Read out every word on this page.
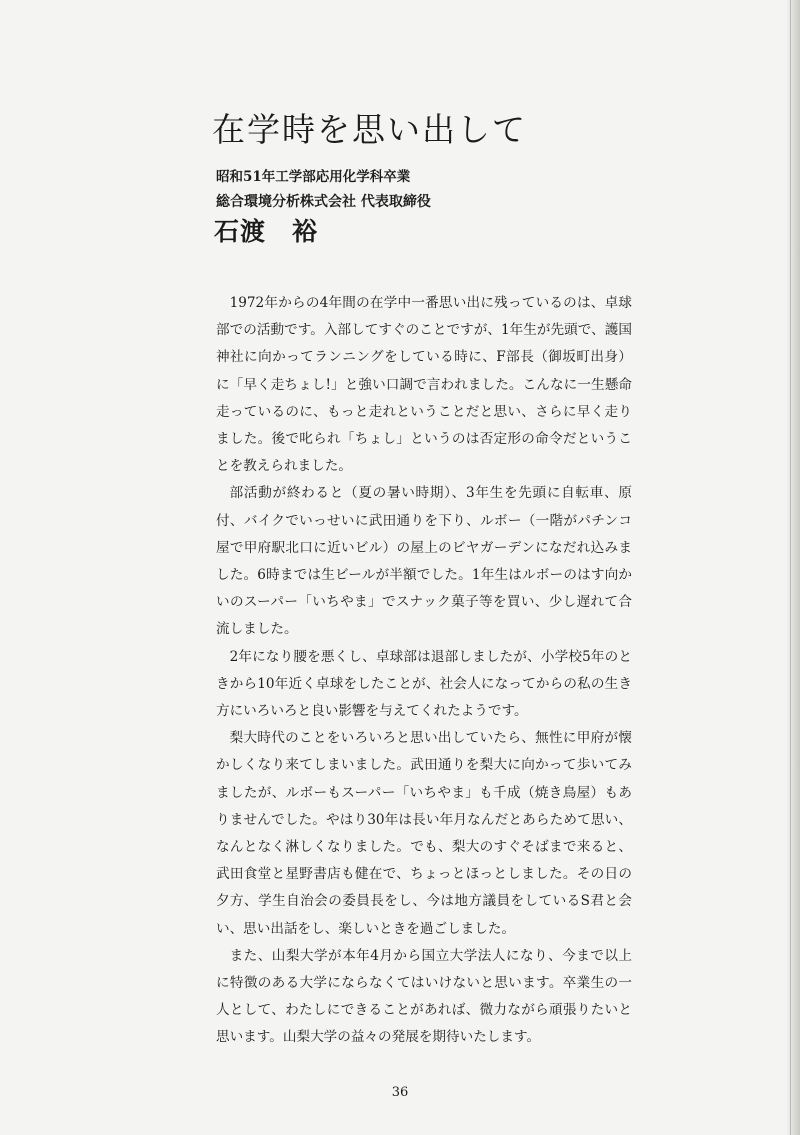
在学時を思い出して
昭和51年工学部応用化学科卒業
総合環境分析株式会社 代表取締役
石渡 裕

1972年からの4年間の在学中一番思い出に残っているのは、卓球部での活動です。入部してすぐのことですが、1年生が先頭で、護国神社に向かってランニングをしている時に、F部長（御坂町出身）に「早く走ちょし!」と強い口調で言われました。こんなに一生懸命走っているのに、もっと走れということだと思い、さらに早く走りました。後で叱られ「ちょし」というのは否定形の命令だということを教えられました。

部活動が終わると（夏の暑い時期）、3年生を先頭に自転車、原付、バイクでいっせいに武田通りを下り、ルボー（一階がパチンコ屋で甲府駅北口に近いビル）の屋上のビヤガーデンになだれ込みました。6時までは生ビールが半額でした。1年生はルボーのはす向かいのスーパー「いちやま」でスナック菓子等を買い、少し遅れて合流しました。

2年になり腰を悪くし、卓球部は退部しましたが、小学校5年のときから10年近く卓球をしたことが、社会人になってからの私の生き方にいろいろと良い影響を与えてくれたようです。

梨大時代のことをいろいろと思い出していたら、無性に甲府が懐かしくなり来てしまいました。武田通りを梨大に向かって歩いてみましたが、ルボーもスーパー「いちやま」も千成（焼き鳥屋）もありませんでした。やはり30年は長い年月なんだとあらためて思い、なんとなく淋しくなりました。でも、梨大のすぐそばまで来ると、武田食堂と星野書店も健在で、ちょっとほっとしました。その日の夕方、学生自治会の委員長をし、今は地方議員をしているS君と会い、思い出話をし、楽しいときを過ごしました。

また、山梨大学が本年4月から国立大学法人になり、今まで以上に特徴のある大学にならなくてはいけないと思います。卒業生の一人として、わたしにできることがあれば、微力ながら頑張りたいと思います。山梨大学の益々の発展を期待いたします。

36
